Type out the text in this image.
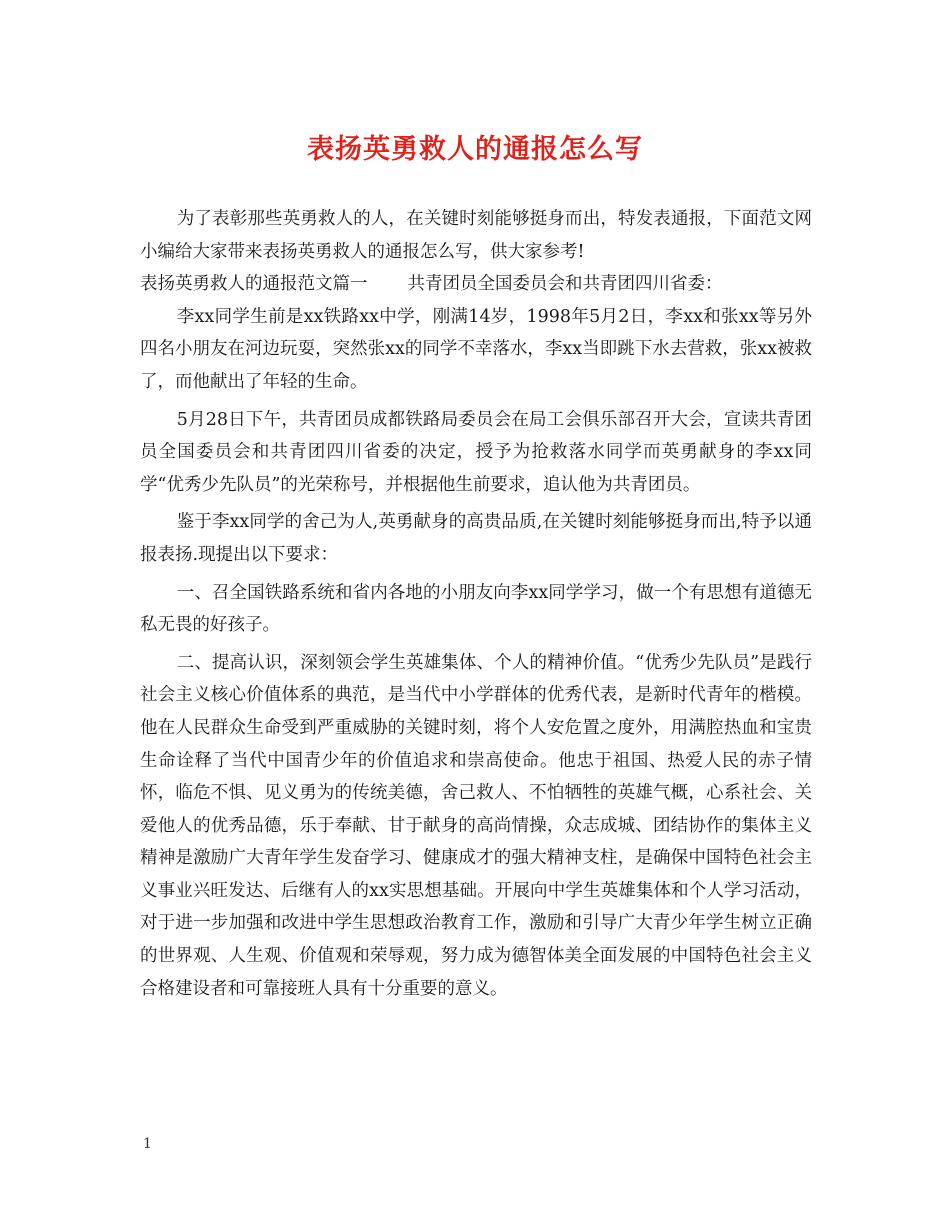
表扬英勇救人的通报怎么写

为了表彰那些英勇救人的人，在关键时刻能够挺身而出，特发表通报，下面范文网小编给大家带来表扬英勇救人的通报怎么写，供大家参考!

表扬英勇救人的通报范文篇一 共青团员全国委员会和共青团四川省委：

李xx同学生前是xx铁路xx中学，刚满14岁，1998年5月2日，李xx和张xx等另外四名小朋友在河边玩耍，突然张xx的同学不幸落水，李xx当即跳下水去营救，张xx被救了，而他献出了年轻的生命。

5月28日下午，共青团员成都铁路局委员会在局工会俱乐部召开大会，宣读共青团员全国委员会和共青团四川省委的决定，授予为抢救落水同学而英勇献身的李xx同学“优秀少先队员”的光荣称号，并根据他生前要求，追认他为共青团员。

鉴于李xx同学的舍己为人,英勇献身的高贵品质,在关键时刻能够挺身而出,特予以通报表扬.现提出以下要求：

一、召全国铁路系统和省内各地的小朋友向李xx同学学习，做一个有思想有道德无私无畏的好孩子。

二、提高认识，深刻领会学生英雄集体、个人的精神价值。“优秀少先队员”是践行社会主义核心价值体系的典范，是当代中小学群体的优秀代表，是新时代青年的楷模。他在人民群众生命受到严重威胁的关键时刻，将个人安危置之度外，用满腔热血和宝贵生命诠释了当代中国青少年的价值追求和崇高使命。他忠于祖国、热爱人民的赤子情怀，临危不惧、见义勇为的传统美德，舍己救人、不怕牺牲的英雄气概，心系社会、关爱他人的优秀品德，乐于奉献、甘于献身的高尚情操，众志成城、团结协作的集体主义精神是激励广大青年学生发奋学习、健康成才的强大精神支柱，是确保中国特色社会主义事业兴旺发达、后继有人的xx实思想基础。开展向中学生英雄集体和个人学习活动，对于进一步加强和改进中学生思想政治教育工作，激励和引导广大青少年学生树立正确的世界观、人生观、价值观和荣辱观，努力成为德智体美全面发展的中国特色社会主义合格建设者和可靠接班人具有十分重要的意义。

1
